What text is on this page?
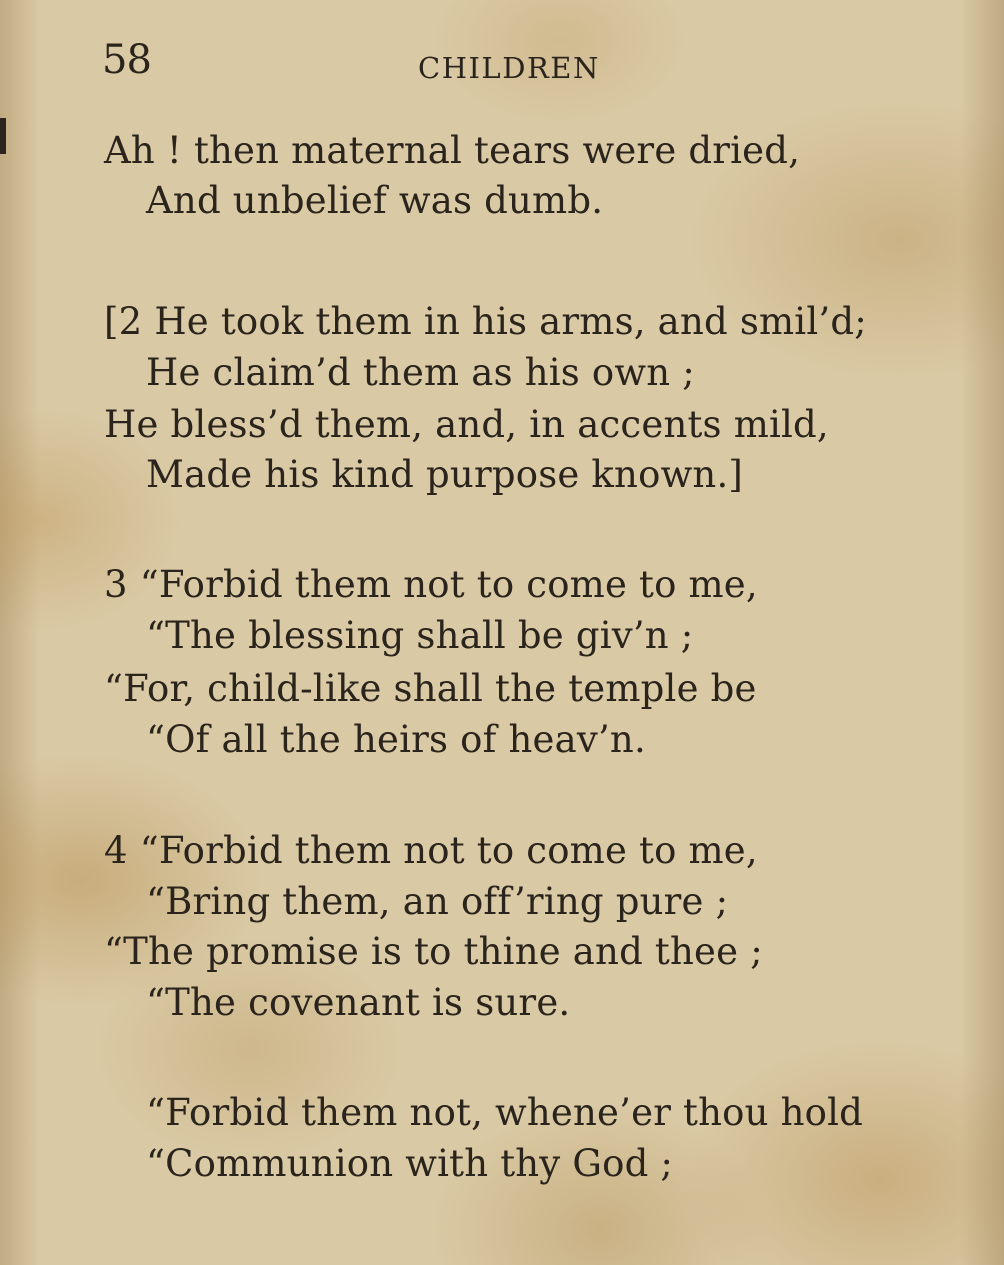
58	CHILDREN
Ah ! then maternal tears were dried,
And unbelief was dumb.
[2 He took them in his arms, and smil’d;
He claim’d them as his own ;
He bless’d them, and, in accents mild,
Made his kind purpose known.]
3 “Forbid them not to come to me,
“The blessing shall be giv’n ;
“For, child-like shall the temple be
“Of all the heirs of heav’n.
4 “Forbid them not to come to me,
“Bring them, an off’ring pure ;
“The promise is to thine and thee ;
“The covenant is sure.
“Forbid them not, whene’er thou hold
“Communion with thy God ;
